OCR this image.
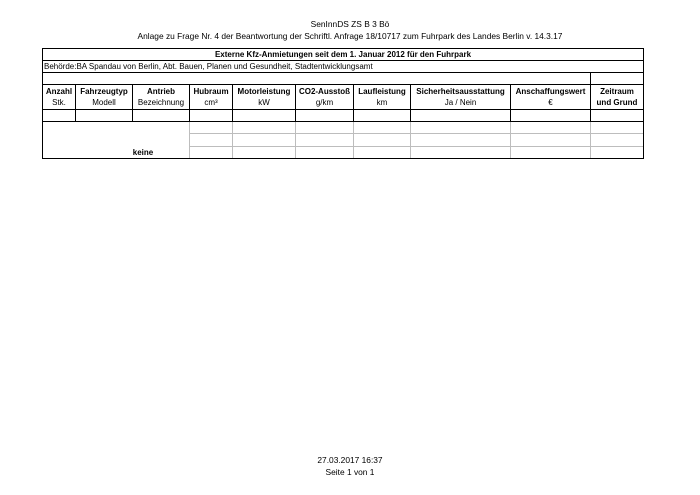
SenInnDS ZS B 3 Bö
Anlage zu Frage Nr. 4 der Beantwortung der Schriftl. Anfrage 18/10717 zum Fuhrpark des Landes Berlin v. 14.3.17
Externe Kfz-Anmietungen seit dem 1. Januar 2012 für den Fuhrpark
Behörde:BA Spandau von Berlin, Abt. Bauen, Planen und Gesundheit, Stadtentwicklungsamt
Anzahl
Stk.
Fahrzeugtyp
Modell
Antrieb
Bezeichnung
Hubraum
cm³
Motorleistung
kW
CO2-Ausstoß
g/km
Laufleistung
km
Sicherheitsausstattung
Ja / Nein
Anschaffungswert
€
Zeitraum
und Grund
keine
27.03.2017 16:37
Seite 1 von 1
